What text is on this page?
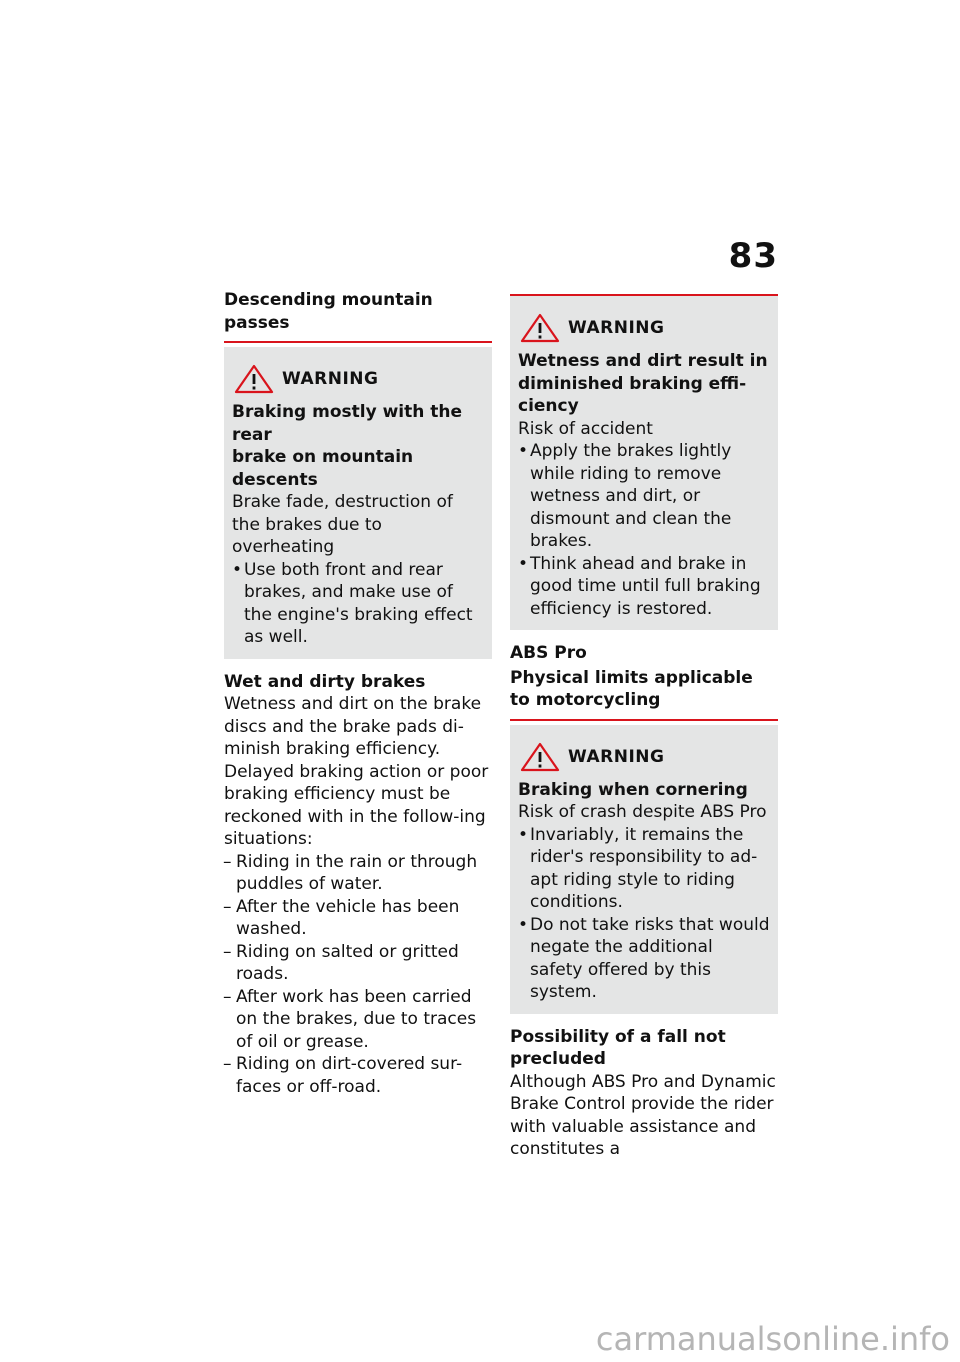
83
Descending mountain passes
WARNING
Braking mostly with the rear
brake on mountain descents
Brake fade, destruction of the brakes due to overheating
• Use both front and rear brakes, and make use of the engine's braking effect as well.
Wet and dirty brakes
Wetness and dirt on the brake discs and the brake pads di-minish braking efficiency.
Delayed braking action or poor braking efficiency must be reckoned with in the follow-ing situations:
– Riding in the rain or through puddles of water.
– After the vehicle has been washed.
– Riding on salted or gritted roads.
– After work has been carried on the brakes, due to traces of oil or grease.
– Riding on dirt-covered sur-faces or off-road.
WARNING
Wetness and dirt result in diminished braking effi-ciency
Risk of accident
• Apply the brakes lightly while riding to remove wetness and dirt, or dismount and clean the brakes.
• Think ahead and brake in good time until full braking efficiency is restored.
ABS Pro
Physical limits applicable to motorcycling
WARNING
Braking when cornering
Risk of crash despite ABS Pro
• Invariably, it remains the rider's responsibility to ad-apt riding style to riding conditions.
• Do not take risks that would negate the additional safety offered by this system.
Possibility of a fall not precluded
Although ABS Pro and Dynamic Brake Control provide the rider with valuable assistance and constitutes a
carmanualsonline.info
